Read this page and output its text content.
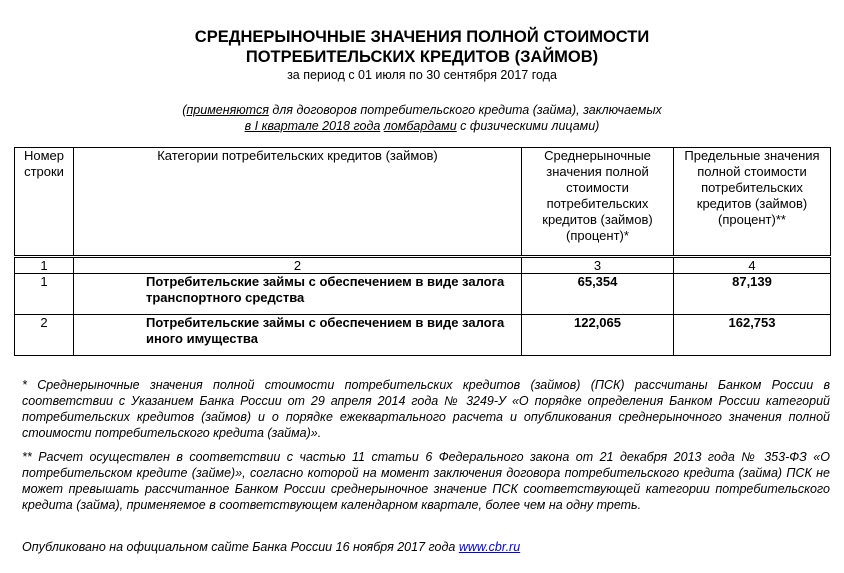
СРЕДНЕРЫНОЧНЫЕ ЗНАЧЕНИЯ ПОЛНОЙ СТОИМОСТИ
ПОТРЕБИТЕЛЬСКИХ КРЕДИТОВ (ЗАЙМОВ)
за период с 01 июля по 30 сентября 2017 года
(применяются для договоров потребительского кредита (займа), заключаемых
в I квартале 2018 года ломбардами с физическими лицами)
Номер строки	Категории потребительских кредитов (займов)	Среднерыночные значения полной стоимости потребительских кредитов (займов) (процент)*	Предельные значения полной стоимости потребительских кредитов (займов) (процент)**
1	2	3	4
1	Потребительские займы с обеспечением в виде залога транспортного средства	65,354	87,139
2	Потребительские займы с обеспечением в виде залога иного имущества	122,065	162,753
* Среднерыночные значения полной стоимости потребительских кредитов (займов) (ПСК) рассчитаны Банком России в соответствии с Указанием Банка России от 29 апреля 2014 года № 3249-У «О порядке определения Банком России категорий потребительских кредитов (займов) и о порядке ежеквартального расчета и опубликования среднерыночного значения полной стоимости потребительского кредита (займа)».
** Расчет осуществлен в соответствии с частью 11 статьи 6 Федерального закона от 21 декабря 2013 года № 353-ФЗ «О потребительском кредите (займе)», согласно которой на момент заключения договора потребительского кредита (займа) ПСК не может превышать рассчитанное Банком России среднерыночное значение ПСК соответствующей категории потребительского кредита (займа), применяемое в соответствующем календарном квартале, более чем на одну треть.
Опубликовано на официальном сайте Банка России 16 ноября 2017 года www.cbr.ru
